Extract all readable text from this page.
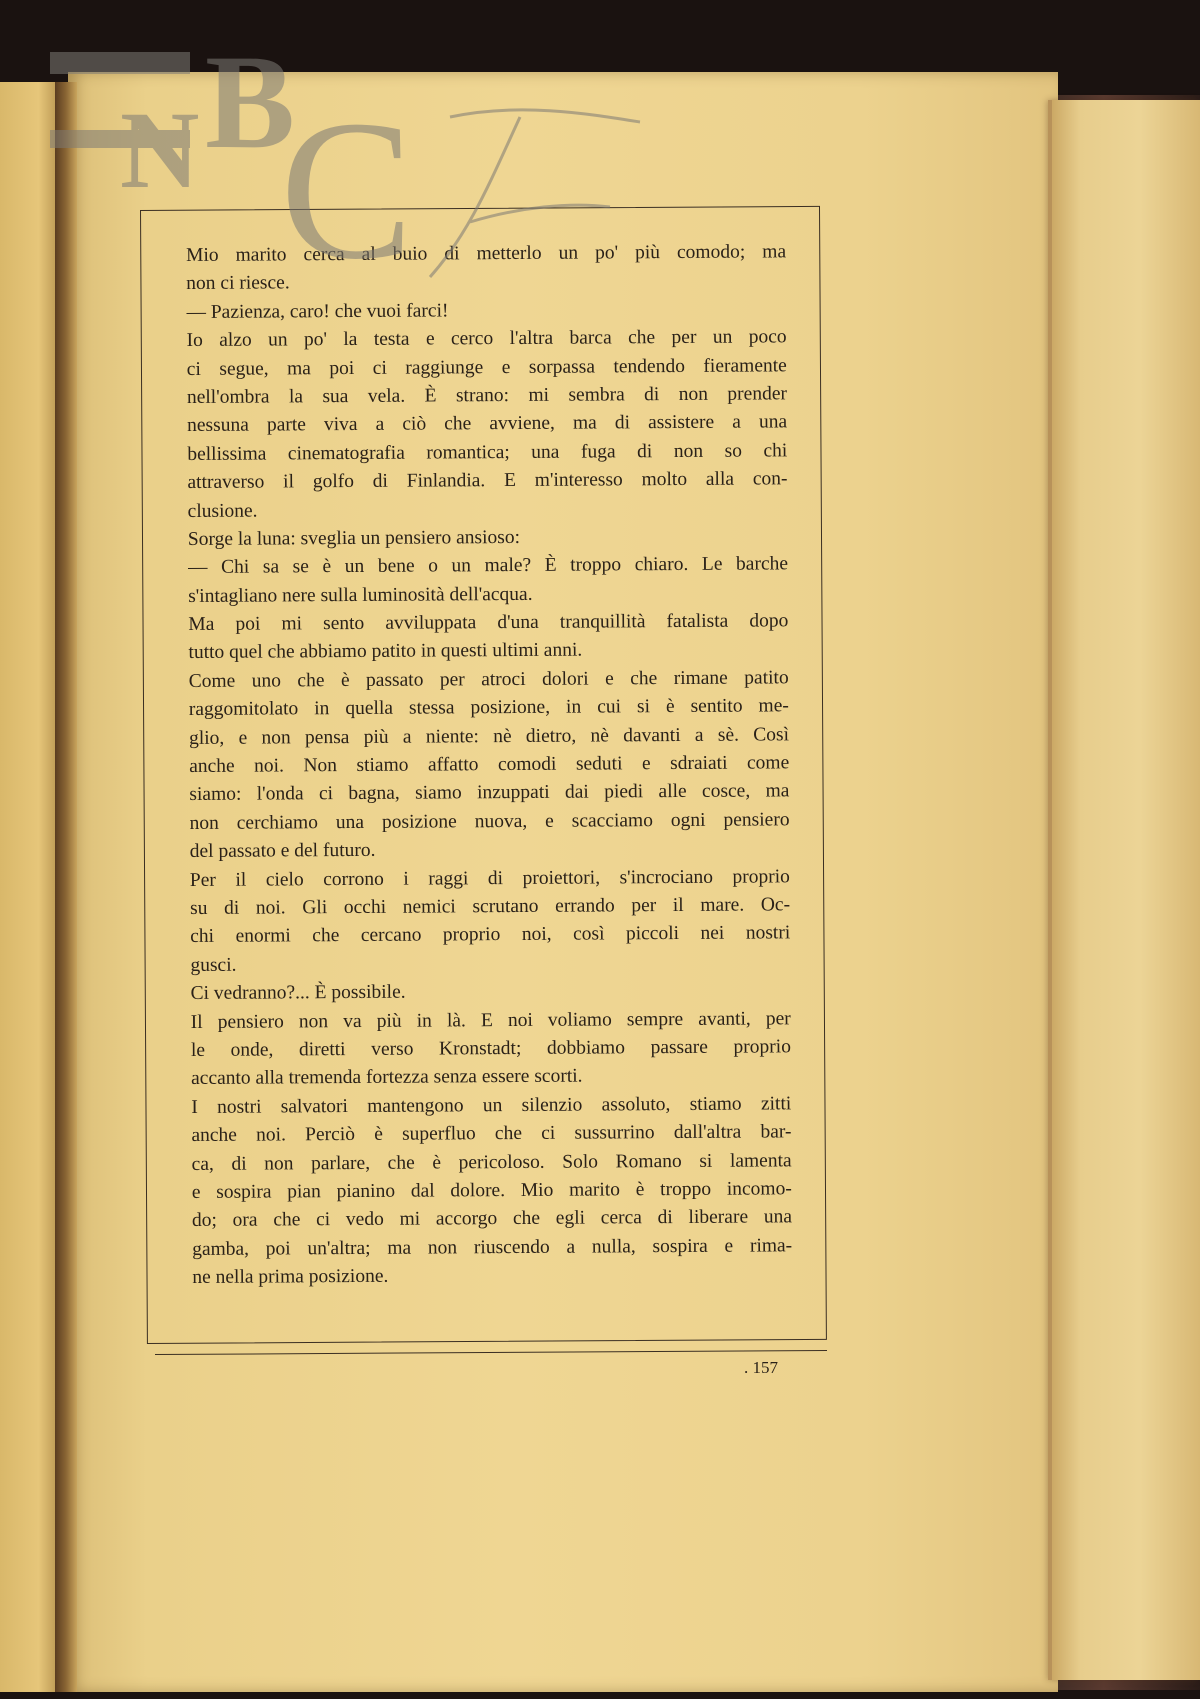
Mio marito cerca al buio di metterlo un po' più comodo; ma
non ci riesce.
— Pazienza, caro! che vuoi farci!
Io alzo un po' la testa e cerco l'altra barca che per un poco
ci segue, ma poi ci raggiunge e sorpassa tendendo fieramente
nell'ombra la sua vela. È strano: mi sembra di non prender
nessuna parte viva a ciò che avviene, ma di assistere a una
bellissima cinematografia romantica; una fuga di non so chi
attraverso il golfo di Finlandia. E m'interesso molto alla con-
clusione.
Sorge la luna: sveglia un pensiero ansioso:
— Chi sa se è un bene o un male? È troppo chiaro. Le barche
s'intagliano nere sulla luminosità dell'acqua.
Ma poi mi sento avviluppata d'una tranquillità fatalista dopo
tutto quel che abbiamo patito in questi ultimi anni.
Come uno che è passato per atroci dolori e che rimane patito
raggomitolato in quella stessa posizione, in cui si è sentito me-
glio, e non pensa più a niente: nè dietro, nè davanti a sè. Così
anche noi. Non stiamo affatto comodi seduti e sdraiati come
siamo: l'onda ci bagna, siamo inzuppati dai piedi alle cosce, ma
non cerchiamo una posizione nuova, e scacciamo ogni pensiero
del passato e del futuro.
Per il cielo corrono i raggi di proiettori, s'incrociano proprio
su di noi. Gli occhi nemici scrutano errando per il mare. Oc-
chi enormi che cercano proprio noi, così piccoli nei nostri
gusci.
Ci vedranno?... È possibile.
Il pensiero non va più in là. E noi voliamo sempre avanti, per
le onde, diretti verso Kronstadt; dobbiamo passare proprio
accanto alla tremenda fortezza senza essere scorti.
I nostri salvatori mantengono un silenzio assoluto, stiamo zitti
anche noi. Perciò è superfluo che ci sussurrino dall'altra bar-
ca, di non parlare, che è pericoloso. Solo Romano si lamenta
e sospira pian pianino dal dolore. Mio marito è troppo incomo-
do; ora che ci vedo mi accorgo che egli cerca di liberare una
gamba, poi un'altra; ma non riuscendo a nulla, sospira e rima-
ne nella prima posizione.
. 157
N B
C
